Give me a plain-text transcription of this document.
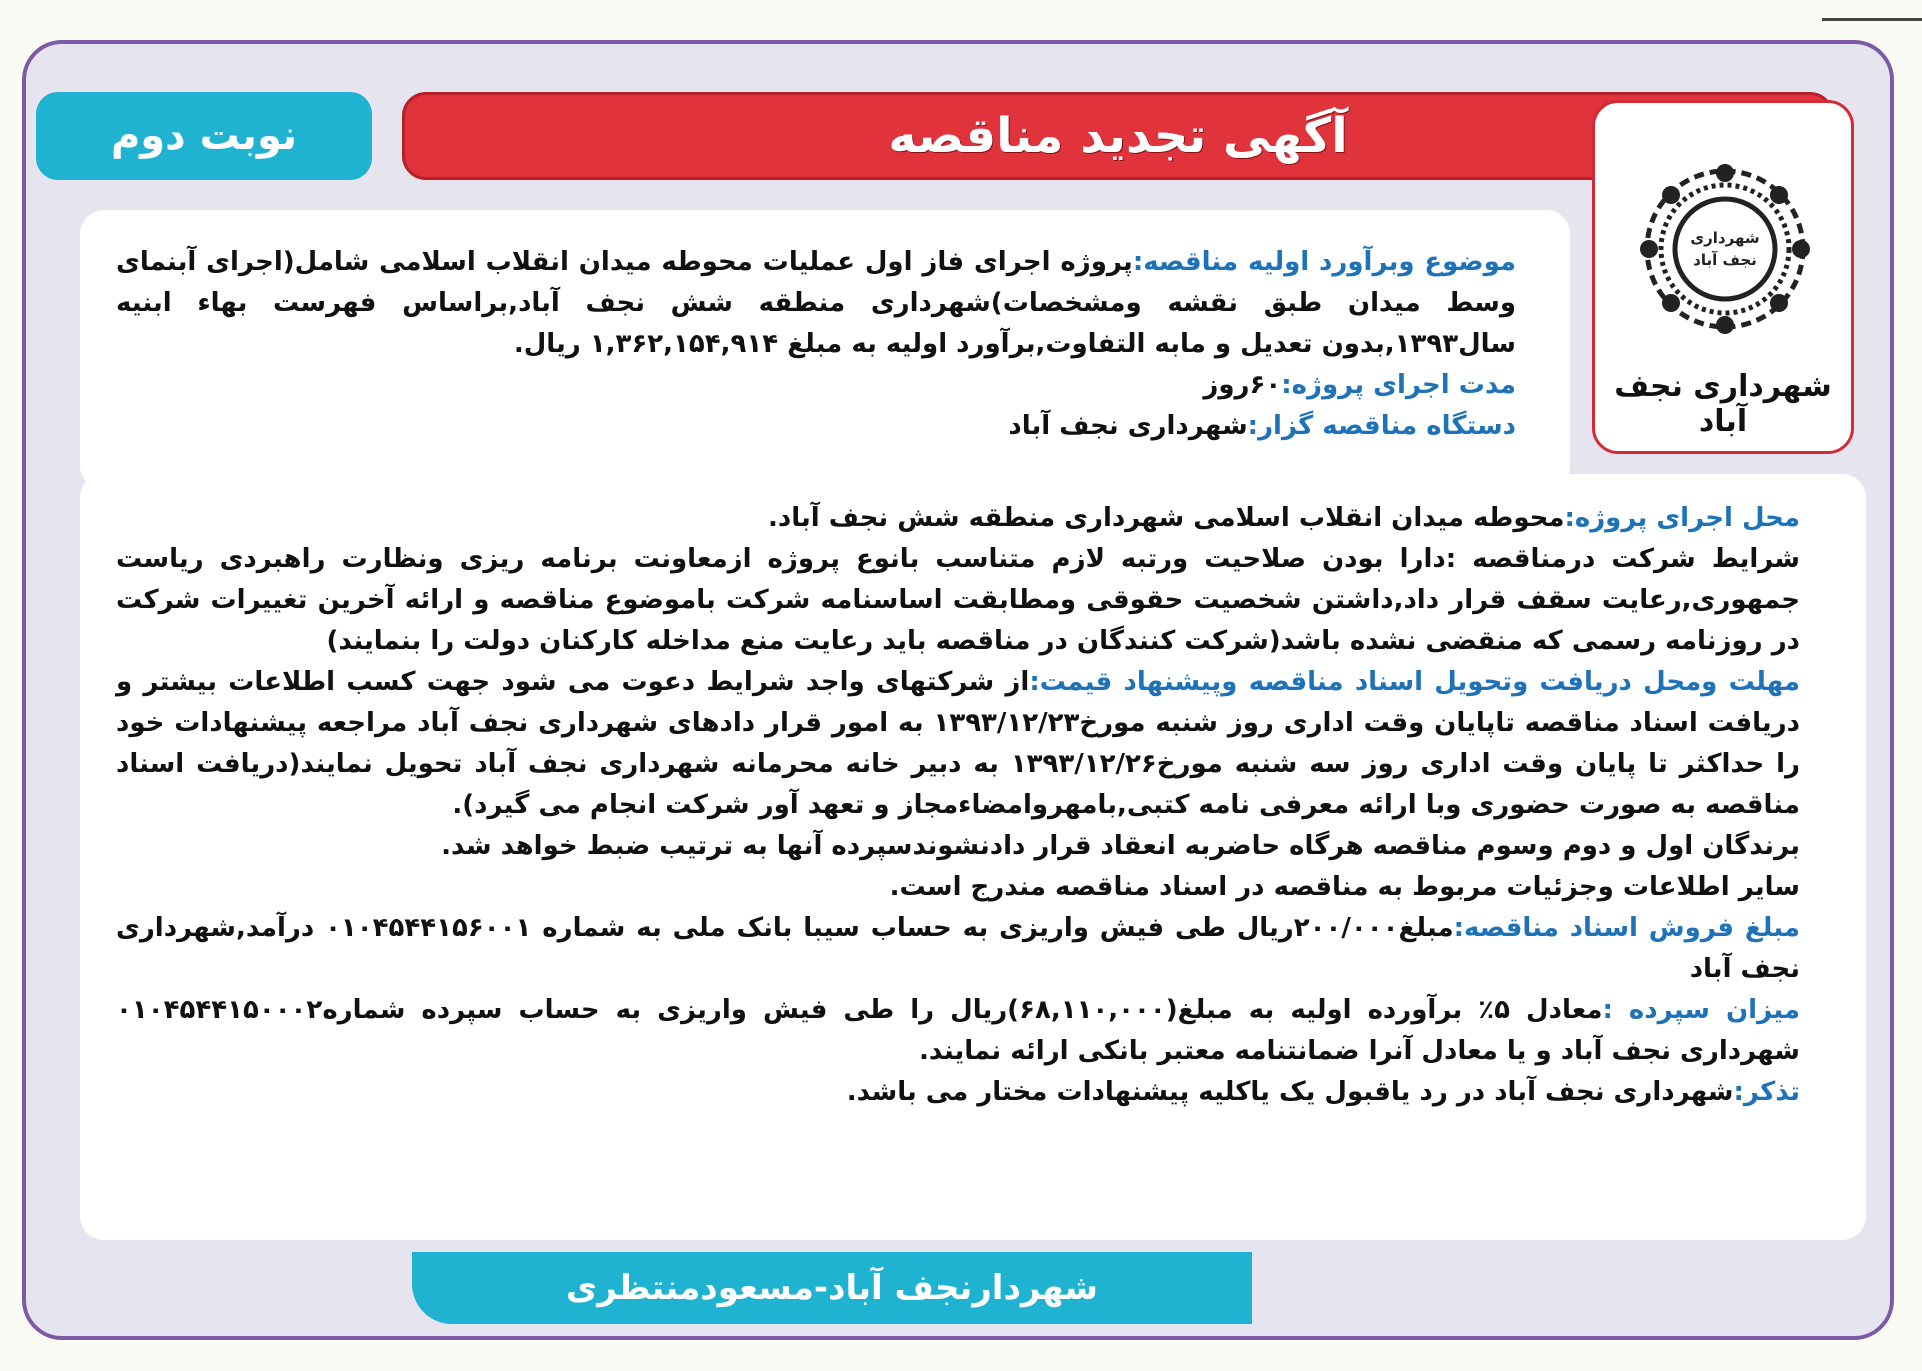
آگهی تجدید مناقصه
نوبت دوم
شهرداری
نجف آباد
شهرداری نجف آباد

موضوع وبرآورد اولیه مناقصه:پروژه اجرای فاز اول عملیات محوطه میدان انقلاب اسلامی شامل(اجرای آبنمای وسط میدان طبق نقشه ومشخصات)شهرداری منطقه شش نجف آباد,براساس فهرست بهاء ابنیه سال۱۳۹۳,بدون تعدیل و مابه التفاوت,برآورد اولیه به مبلغ ۱,۳۶۲,۱۵۴,۹۱۴ ریال.

مدت اجرای پروژه:۶۰روز

دستگاه مناقصه گزار:شهرداری نجف آباد

محل اجرای پروژه:محوطه میدان انقلاب اسلامی شهرداری منطقه شش نجف آباد.

شرایط شرکت درمناقصه :دارا بودن صلاحیت ورتبه لازم متناسب بانوع پروژه ازمعاونت برنامه ریزی ونظارت راهبردی ریاست جمهوری,رعایت سقف قرار داد,داشتن شخصیت حقوقی ومطابقت اساسنامه شرکت باموضوع مناقصه و ارائه آخرین تغییرات شرکت در روزنامه رسمی که منقضی نشده باشد(شرکت کنندگان در مناقصه باید رعایت منع مداخله کارکنان دولت را بنمایند)

مهلت ومحل دریافت وتحویل اسناد مناقصه وپیشنهاد قیمت:از شرکتهای واجد شرایط دعوت می شود جهت کسب اطلاعات بیشتر و دریافت اسناد مناقصه تاپایان وقت اداری روز شنبه مورخ۱۳۹۳/۱۲/۲۳ به امور قرار دادهای شهرداری نجف آباد مراجعه پیشنهادات خود را حداکثر تا پایان وقت اداری روز سه شنبه مورخ۱۳۹۳/۱۲/۲۶ به دبیر خانه محرمانه شهرداری نجف آباد تحویل نمایند(دریافت اسناد مناقصه به صورت حضوری وبا ارائه معرفی نامه کتبی,بامهروامضاءمجاز و تعهد آور شرکت انجام می گیرد).

برندگان اول و دوم وسوم مناقصه هرگاه حاضربه انعقاد قرار دادنشوندسپرده آنها به ترتیب ضبط خواهد شد.

سایر اطلاعات وجزئیات مربوط به مناقصه در اسناد مناقصه مندرج است.

مبلغ فروش اسناد مناقصه:مبلغ۲۰۰/۰۰۰ریال طی فیش واریزی به حساب سیبا بانک ملی به شماره ۰۱۰۴۵۴۴۱۵۶۰۰۱ درآمد,شهرداری نجف آباد

میزان سپرده :معادل ۵٪ برآورده اولیه به مبلغ(۶۸,۱۱۰,۰۰۰)ریال را طی فیش واریزی به حساب سپرده شماره۰۱۰۴۵۴۴۱۵۰۰۰۲ شهرداری نجف آباد و یا معادل آنرا ضمانتنامه معتبر بانکی ارائه نمایند.

تذکر:شهرداری نجف آباد در رد یاقبول یک یاکلیه پیشنهادات مختار می باشد.

شهردارنجف آباد-مسعودمنتظری
